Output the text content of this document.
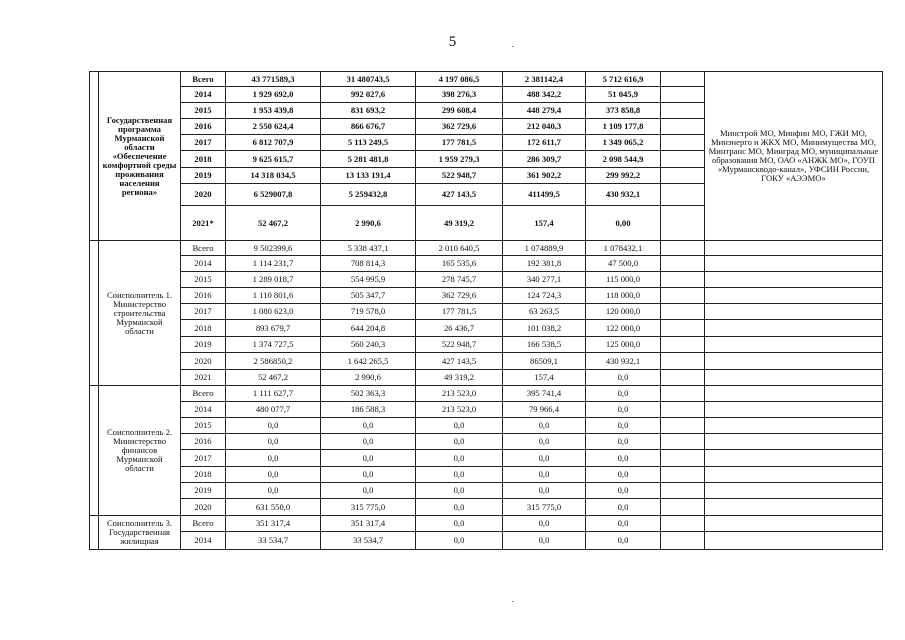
5
	Государственная программа Мурманской области «Обеспечение комфортной среды проживания населения региона»	Всего	43 771589,3	31 480743,5	4 197 086,5	2 381142,4	5 712 616,9		Минстрой МО, Минфин МО, ГЖИ МО, Минэнерго и ЖКХ МО, Минимущества МО, Минтранс МО, Минград МО, муниципальные образования МО, ОАО «АНЖК МО», ГОУП «Мурманскводо-канал», УФСИН России, ГОКУ «АЭЭМО»
		2014	1 929 692,0	992 027,6	398 276,3	488 342,2	51 045,9		
		2015	1 953 439,8	831 693,2	299 608,4	448 279,4	373 858,8		
		2016	2 550 624,4	866 676,7	362 729,6	212 040,3	1 109 177,8		
		2017	6 812 707,9	5 113 249,5	177 781,5	172 611,7	1 349 065,2		
		2018	9 625 615,7	5 281 481,8	1 959 279,3	286 309,7	2 098 544,9		
		2019	14 318 034,5	13 133 191,4	522 948,7	361 902,2	299 992,2		
		2020	6 529007,8	5 259432,8	427 143,5	411499,5	430 932,1		
		2021*	52 467,2	2 990,6	49 319,2	157,4	0,00		
	Соисполнитель 1. Министерство строительства Мурманской области	Всего	9 502399,6	5 338 437,1	2 010 640,5	1 074889,9	1 078432,1		
		2014	1 114 231,7	708 814,3	165 535,6	192 381,8	47 500,0		
		2015	1 289 018,7	554 995,9	278 745,7	340 277,1	115 000,0		
		2016	1 110 801,6	505 347,7	362 729,6	124 724,3	118 000,0		
		2017	1 080 623,0	719 578,0	177 781,5	63 263,5	120 000,0		
		2018	893 679,7	644 204,8	26 436,7	101 038,2	122 000,0		
		2019	1 374 727,5	560 240,3	522 948,7	166 538,5	125 000,0		
		2020	2 586850,2	1 642 265,5	427 143,5	86509,1	430 932,1		
		2021	52 467,2	2 990,6	49 319,2	157,4	0,0		
	Соисполнитель 2. Министерство финансов Мурманской области	Всего	1 111 627,7	502 363,3	213 523,0	395 741,4	0,0		
		2014	480 077,7	186 588,3	213 523,0	79 966,4	0,0		
		2015	0,0	0,0	0,0	0,0	0,0		
		2016	0,0	0,0	0,0	0,0	0,0		
		2017	0,0	0,0	0,0	0,0	0,0		
		2018	0,0	0,0	0,0	0,0	0,0		
		2019	0,0	0,0	0,0	0,0	0,0		
		2020	631 550,0	315 775,0	0,0	315 775,0	0,0		
	Соисполнитель 3. Государственная жилищная	Всего	351 317,4	351 317,4	0,0	0,0	0,0		
		2014	33 534,7	33 534,7	0,0	0,0	0,0		
